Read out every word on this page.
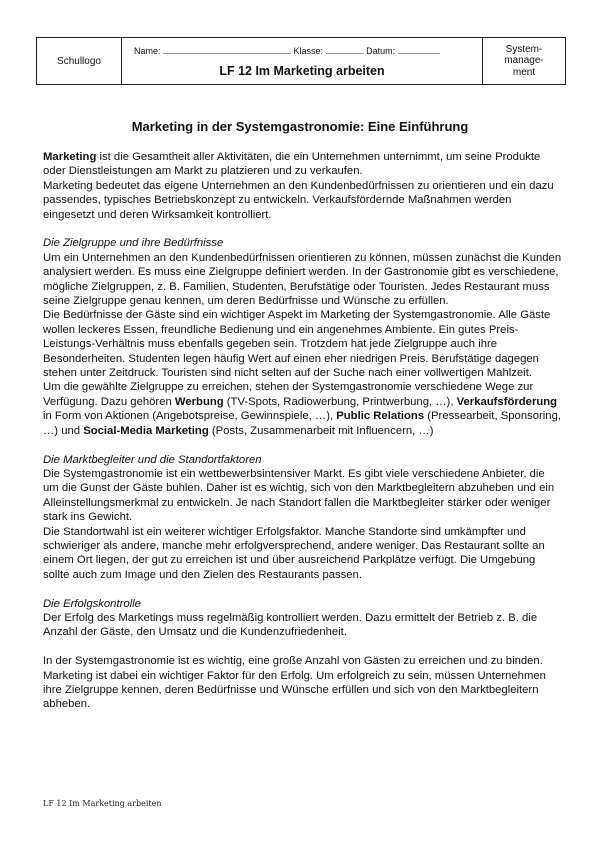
Schullogo
Name:	Klasse:	Datum:
LF 12 Im Marketing arbeiten
System-
manage-
ment
Marketing in der Systemgastronomie: Eine Einführung

Marketing ist die Gesamtheit aller Aktivitäten, die ein Unternehmen unternimmt, um seine Produkte oder Dienstleistungen am Markt zu platzieren und zu verkaufen.

Marketing bedeutet das eigene Unternehmen an den Kundenbedürfnissen zu orientieren und ein dazu passendes, typisches Betriebskonzept zu entwickeln. Verkaufsfördernde Maßnahmen werden eingesetzt und deren Wirksamkeit kontrolliert.

Die Zielgruppe und ihre Bedürfnisse

Um ein Unternehmen an den Kundenbedürfnissen orientieren zu können, müssen zunächst die Kunden analysiert werden. Es muss eine Zielgruppe definiert werden. In der Gastronomie gibt es verschiedene, mögliche Zielgruppen, z. B. Familien, Studenten, Berufstätige oder Touristen. Jedes Restaurant muss seine Zielgruppe genau kennen, um deren Bedürfnisse und Wünsche zu erfüllen.

Die Bedürfnisse der Gäste sind ein wichtiger Aspekt im Marketing der Systemgastronomie. Alle Gäste wollen leckeres Essen, freundliche Bedienung und ein angenehmes Ambiente. Ein gutes Preis-Leistungs-Verhältnis muss ebenfalls gegeben sein. Trotzdem hat jede Zielgruppe auch ihre Besonderheiten. Studenten legen häufig Wert auf einen eher niedrigen Preis. Berufstätige dagegen stehen unter Zeitdruck. Touristen sind nicht selten auf der Suche nach einer vollwertigen Mahlzeit.

Um die gewählte Zielgruppe zu erreichen, stehen der Systemgastronomie verschiedene Wege zur Verfügung. Dazu gehören Werbung (TV-Spots, Radiowerbung, Printwerbung, …), Verkaufsförderung in Form von Aktionen (Angebotspreise, Gewinnspiele, …), Public Relations (Pressearbeit, Sponsoring, …) und Social-Media Marketing (Posts, Zusammenarbeit mit Influencern, …)

Die Marktbegleiter und die Standortfaktoren

Die Systemgastronomie ist ein wettbewerbsintensiver Markt. Es gibt viele verschiedene Anbieter, die um die Gunst der Gäste buhlen. Daher ist es wichtig, sich von den Marktbegleitern abzuheben und ein Alleinstellungsmerkmal zu entwickeln. Je nach Standort fallen die Marktbegleiter stärker oder weniger stark ins Gewicht.

Die Standortwahl ist ein weiterer wichtiger Erfolgsfaktor. Manche Standorte sind umkämpfter und schwieriger als andere, manche mehr erfolgversprechend, andere weniger. Das Restaurant sollte an einem Ort liegen, der gut zu erreichen ist und über ausreichend Parkplätze verfügt. Die Umgebung sollte auch zum Image und den Zielen des Restaurants passen.

Die Erfolgskontrolle

Der Erfolg des Marketings muss regelmäßig kontrolliert werden. Dazu ermittelt der Betrieb z. B. die Anzahl der Gäste, den Umsatz und die Kundenzufriedenheit.

In der Systemgastronomie ist es wichtig, eine große Anzahl von Gästen zu erreichen und zu binden. Marketing ist dabei ein wichtiger Faktor für den Erfolg. Um erfolgreich zu sein, müssen Unternehmen ihre Zielgruppe kennen, deren Bedürfnisse und Wünsche erfüllen und sich von den Marktbegleitern abheben.

LF 12 Im Marketing arbeiten
